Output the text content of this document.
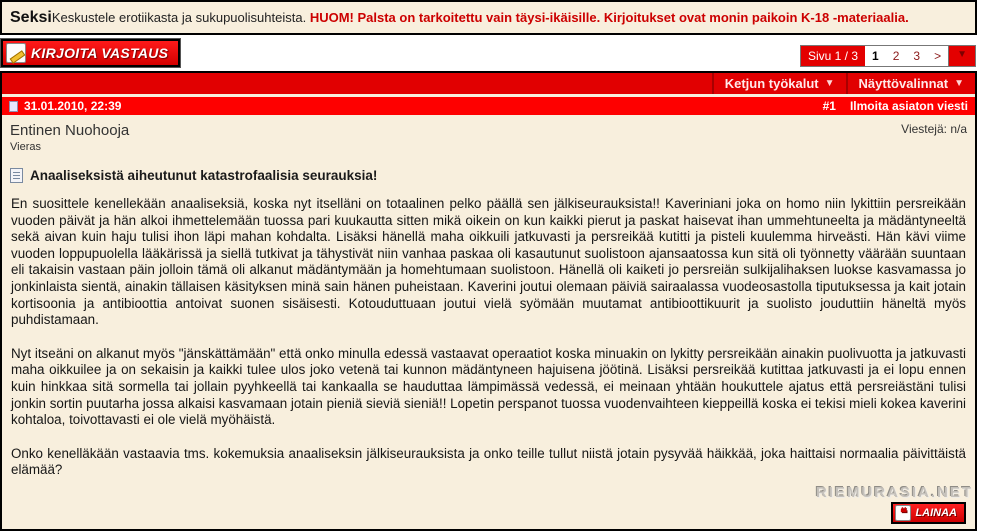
SeksiKeskustele erotiikasta ja sukupuolisuhteista. HUOM! Palsta on tarkoitettu vain täysi-ikäisille. Kirjoitukset ovat monin paikoin K-18 -materiaalia.
KIRJOITA VASTAUS	Sivu 1 / 3	1	2	3	>	▼
Ketjun työkalut ▼ Näyttövalinnat ▼
31.01.2010, 22:39	#1 Ilmoita asiaton viesti
Entinen Nuohooja
Vieras
Viestejä: n/a
Anaaliseksistä aiheutunut katastrofaalisia seurauksia!

En suosittele kenellekään anaaliseksiä, koska nyt itselläni on totaalinen pelko päällä sen jälkiseurauksista!! Kaveriniani joka on homo niin lykittiin persreikään vuoden päivät ja hän alkoi ihmettelemään tuossa pari kuukautta sitten mikä oikein on kun kaikki pierut ja paskat haisevat ihan ummehtuneelta ja mädäntyneeltä sekä aivan kuin haju tulisi ihon läpi mahan kohdalta. Lisäksi hänellä maha oikkuili jatkuvasti ja persreikää kutitti ja pisteli kuulemma hirveästi. Hän kävi viime vuoden loppupuolella lääkärissä ja siellä tutkivat ja tähystivät niin vanhaa paskaa oli kasautunut suolistoon ajansaatossa kun sitä oli työnnetty väärään suuntaan eli takaisin vastaan päin jolloin tämä oli alkanut mädäntymään ja homehtumaan suolistoon. Hänellä oli kaiketi jo persreiän sulkijalihaksen luokse kasvamassa jo jonkinlaista sientä, ainakin tällaisen käsityksen minä sain hänen puheistaan. Kaverini joutui olemaan päiviä sairaalassa vuodeosastolla tiputuksessa ja kait jotain kortisoonia ja antibioottia antoivat suonen sisäisesti. Kotouduttuaan joutui vielä syömään muutamat antibioottikuurit ja suolisto jouduttiin häneltä myös puhdistamaan.

Nyt itseäni on alkanut myös "jänskättämään" että onko minulla edessä vastaavat operaatiot koska minuakin on lykitty persreikään ainakin puolivuotta ja jatkuvasti maha oikkuilee ja on sekaisin ja kaikki tulee ulos joko vetenä tai kunnon mädäntyneen hajuisena jöötinä. Lisäksi persreikää kutittaa jatkuvasti ja ei lopu ennen kuin hinkkaa sitä sormella tai jollain pyyhkeellä tai kankaalla se hauduttaa lämpimässä vedessä, ei meinaan yhtään houkuttele ajatus että persreiästäni tulisi jonkin sortin puutarha jossa alkaisi kasvamaan jotain pieniä sieviä sieniä!! Lopetin perspanot tuossa vuodenvaihteen kieppeillä koska ei tekisi mieli kokea kaverini kohtaloa, toivottavasti ei ole vielä myöhäistä.

Onko kenelläkään vastaavia tms. kokemuksia anaaliseksin jälkiseurauksista ja onko teille tullut niistä jotain pysyvää häikkää, joka haittaisi normaalia päivittäistä elämää?

❝ LAINAA
RIEMURASIA.NET
